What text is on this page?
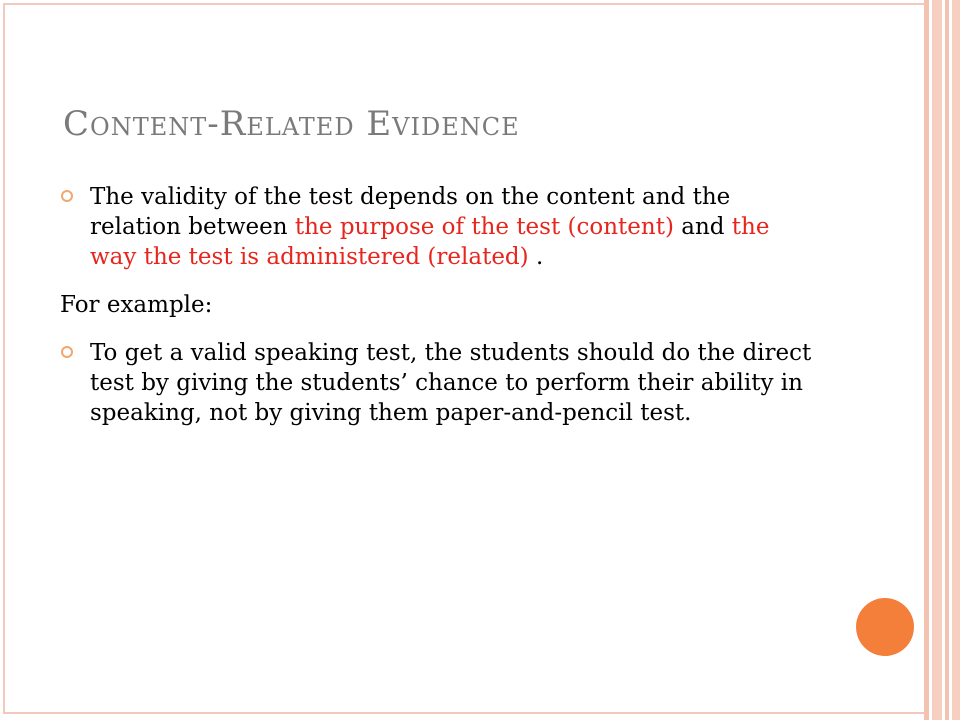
Content-Related Evidence

The validity of the test depends on the content and the relation between the purpose of the test (content) and the way the test is administered (related) .

For example:

To get a valid speaking test, the students should do the direct test by giving the students’ chance to perform their ability in speaking, not by giving them paper-and-pencil test.
